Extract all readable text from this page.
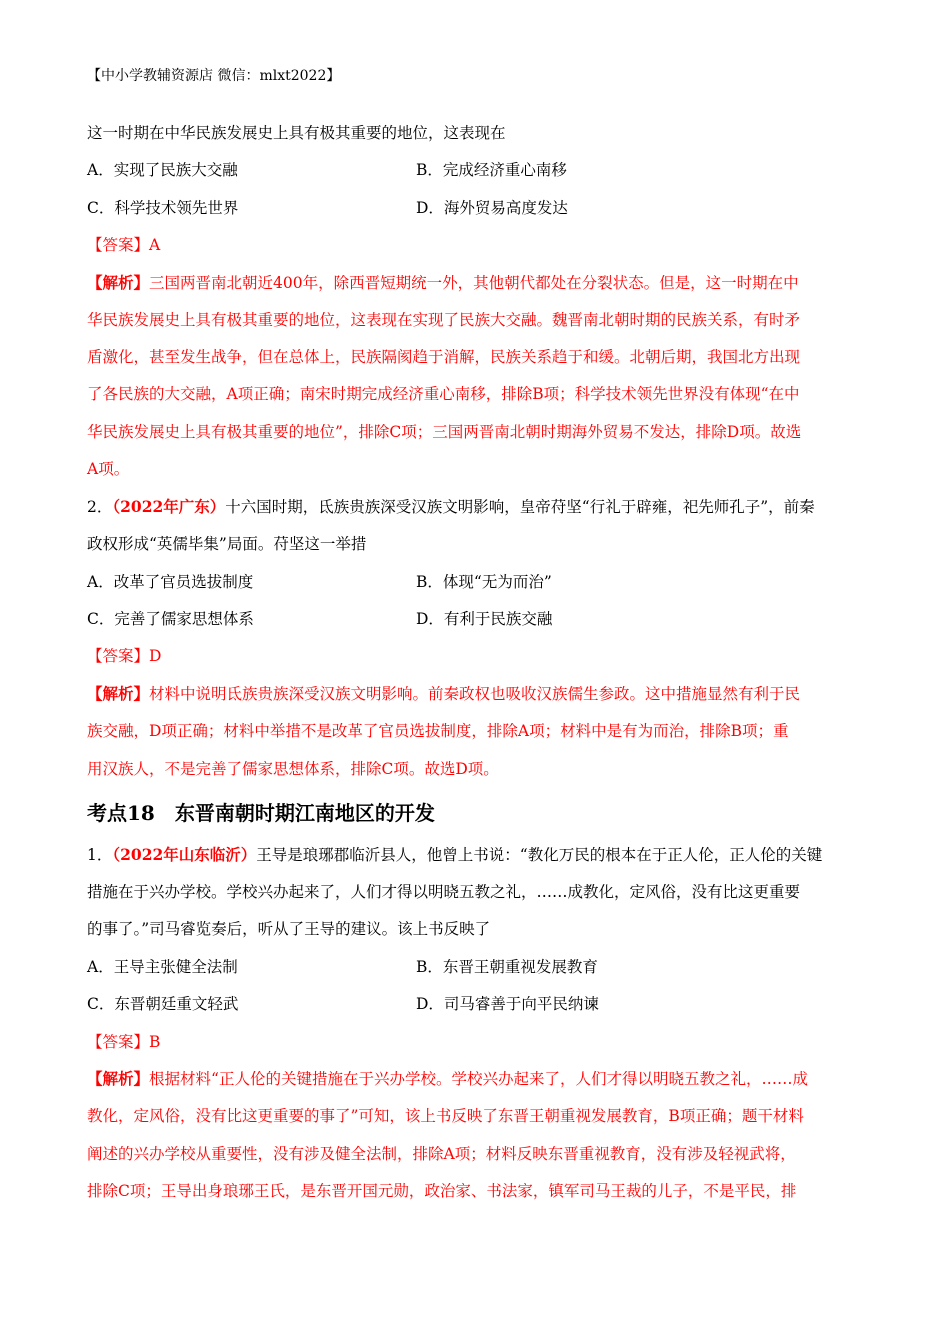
【中小学教辅资源店 微信：mlxt2022】
这一时期在中华民族发展史上具有极其重要的地位，这表现在
A．实现了民族大交融	B．完成经济重心南移
C．科学技术领先世界	D．海外贸易高度发达
【答案】A
【解析】三国两晋南北朝近400年，除西晋短期统一外，其他朝代都处在分裂状态。但是，这一时期在中
华民族发展史上具有极其重要的地位，这表现在实现了民族大交融。魏晋南北朝时期的民族关系，有时矛
盾激化，甚至发生战争，但在总体上，民族隔阂趋于消解，民族关系趋于和缓。北朝后期，我国北方出现
了各民族的大交融，A项正确；南宋时期完成经济重心南移，排除B项；科学技术领先世界没有体现“在中
华民族发展史上具有极其重要的地位”，排除C项；三国两晋南北朝时期海外贸易不发达，排除D项。故选
A项。
2．（2022年广东）十六国时期，氐族贵族深受汉族文明影响，皇帝苻坚“行礼于辟雍，祀先师孔子”，前秦
政权形成“英儒毕集”局面。苻坚这一举措
A．改革了官员选拔制度	B．体现“无为而治”
C．完善了儒家思想体系	D．有利于民族交融
【答案】D
【解析】材料中说明氐族贵族深受汉族文明影响。前秦政权也吸收汉族儒生参政。这中措施显然有利于民
族交融，D项正确；材料中举措不是改革了官员选拔制度，排除A项；材料中是有为而治，排除B项；重
用汉族人，不是完善了儒家思想体系，排除C项。故选D项。
考点18　东晋南朝时期江南地区的开发
1．（2022年山东临沂）王导是琅琊郡临沂县人，他曾上书说：“教化万民的根本在于正人伦，正人伦的关键
措施在于兴办学校。学校兴办起来了，人们才得以明晓五教之礼，……成教化，定风俗，没有比这更重要
的事了。”司马睿览奏后，听从了王导的建议。该上书反映了
A．王导主张健全法制	B．东晋王朝重视发展教育
C．东晋朝廷重文轻武	D．司马睿善于向平民纳谏
【答案】B
【解析】根据材料“正人伦的关键措施在于兴办学校。学校兴办起来了，人们才得以明晓五教之礼，……成
教化，定风俗，没有比这更重要的事了”可知，该上书反映了东晋王朝重视发展教育，B项正确；题干材料
阐述的兴办学校从重要性，没有涉及健全法制，排除A项；材料反映东晋重视教育，没有涉及轻视武将，
排除C项；王导出身琅琊王氏，是东晋开国元勋，政治家、书法家，镇军司马王裁的儿子，不是平民，排
